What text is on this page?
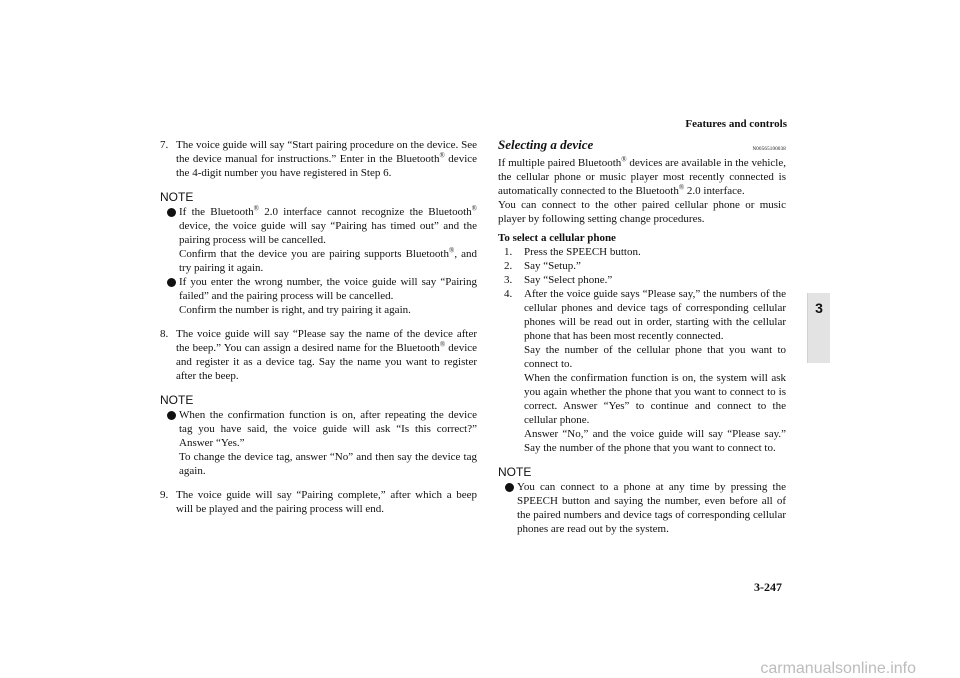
Features and controls
3
7. The voice guide will say “Start pairing procedure on the device. See the device manual for instructions.” Enter in the Bluetooth® device the 4-digit number you have registered in Step 6.

NOTE

If the Bluetooth® 2.0 interface cannot recognize the Bluetooth® device, the voice guide will say “Pairing has timed out” and the pairing process will be cancelled.

Confirm that the device you are pairing supports Bluetooth®, and try pairing it again.

If you enter the wrong number, the voice guide will say “Pairing failed” and the pairing process will be cancelled.

Confirm the number is right, and try pairing it again.

8. The voice guide will say “Please say the name of the device after the beep.” You can assign a desired name for the Bluetooth® device and register it as a device tag. Say the name you want to register after the beep.

NOTE

When the confirmation function is on, after repeating the device tag you have said, the voice guide will ask “Is this correct?” Answer “Yes.”

To change the device tag, answer “No” and then say the device tag again.

9. The voice guide will say “Pairing complete,” after which a beep will be played and the pairing process will end.

Selecting a device	N00565100038

If multiple paired Bluetooth® devices are available in the vehicle, the cellular phone or music player most recently connected is automatically connected to the Bluetooth® 2.0 interface.

You can connect to the other paired cellular phone or music player by following setting change procedures.

To select a cellular phone
1. Press the SPEECH button.

2. Say “Setup.”

3. Say “Select phone.”

4. After the voice guide says “Please say,” the numbers of the cellular phones and device tags of corresponding cellular phones will be read out in order, starting with the cellular phone that has been most recently connected.

Say the number of the cellular phone that you want to connect to.

When the confirmation function is on, the system will ask you again whether the phone that you want to connect to is correct. Answer “Yes” to continue and connect to the cellular phone.

Answer “No,” and the voice guide will say “Please say.” Say the number of the phone that you want to connect to.

NOTE

You can connect to a phone at any time by pressing the SPEECH button and saying the number, even before all of the paired numbers and device tags of corresponding cellular phones are read out by the system.

3-247
carmanualsonline.info
